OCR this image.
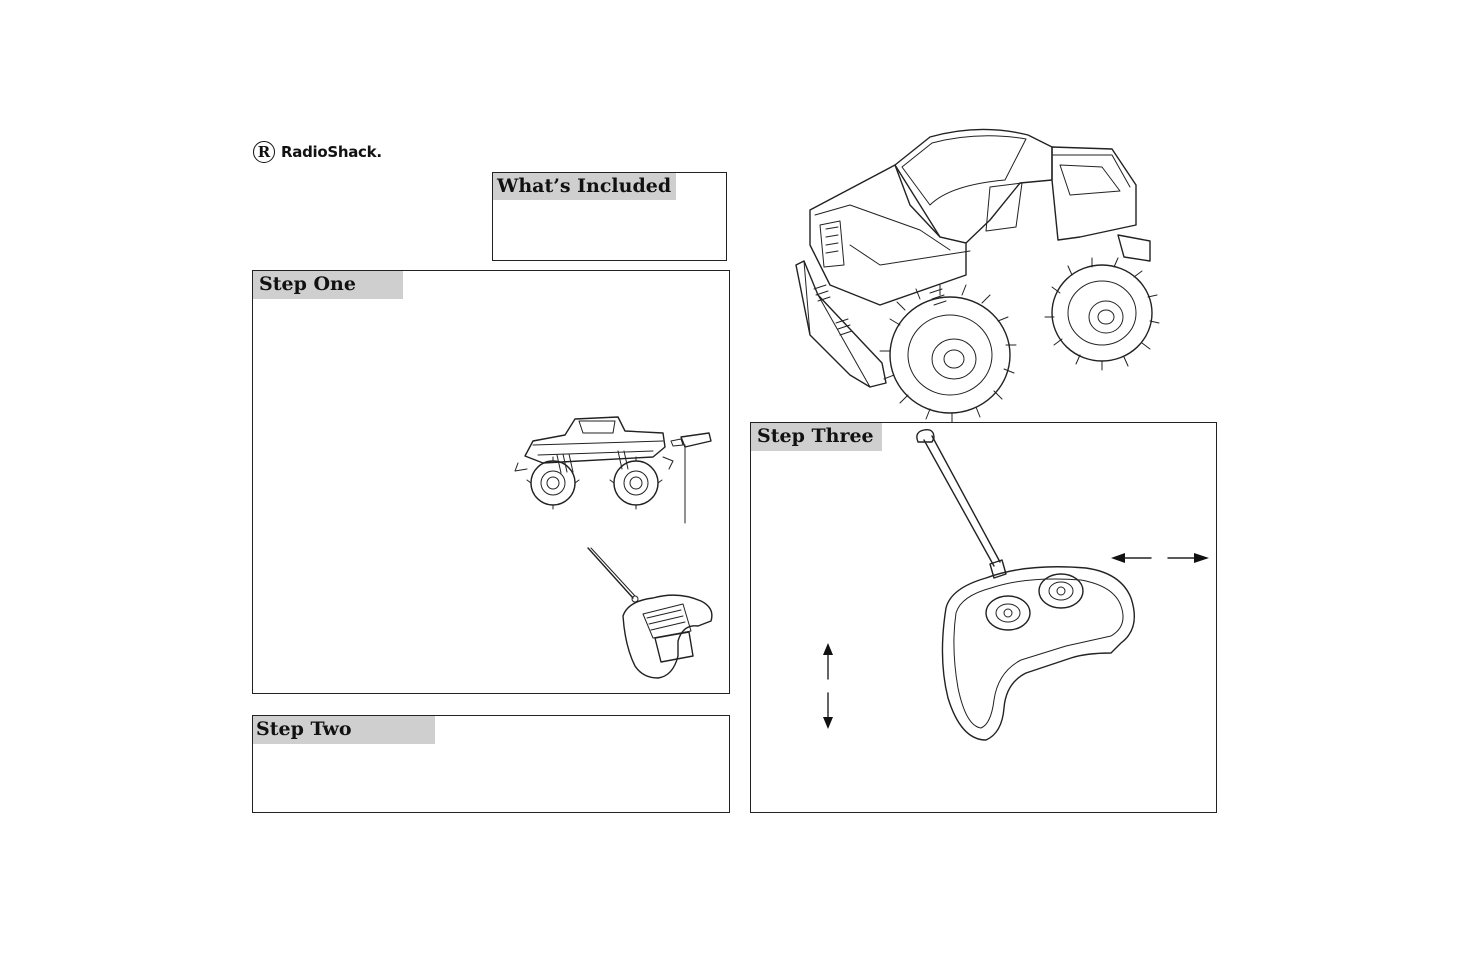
R RadioShack.
What’s Included
Step One
Step Two
Step Three
